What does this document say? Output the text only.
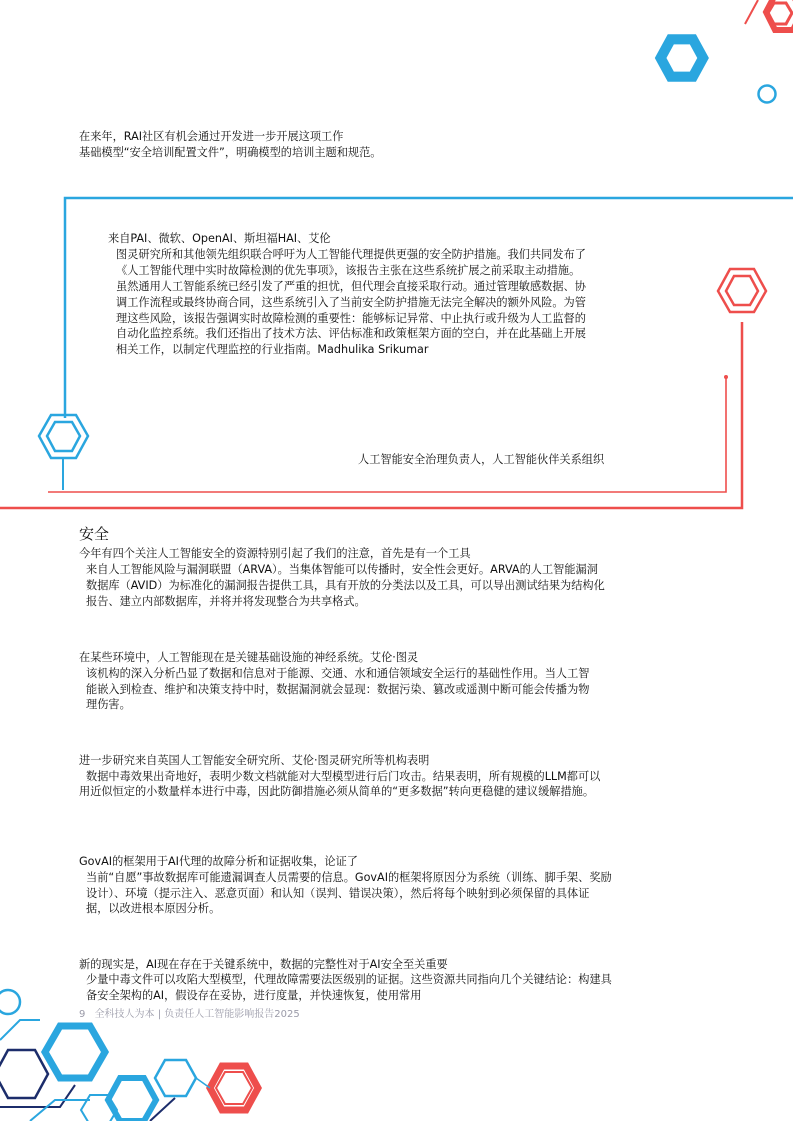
在来年，RAI社区有机会通过开发进一步开展这项工作
基础模型“安全培训配置文件”，明确模型的培训主题和规范。
来自PAI、微软、OpenAI、斯坦福HAI、艾伦
图灵研究所和其他领先组织联合呼吁为人工智能代理提供更强的安全防护措施。我们共同发布了
《人工智能代理中实时故障检测的优先事项》，该报告主张在这些系统扩展之前采取主动措施。
虽然通用人工智能系统已经引发了严重的担忧，但代理会直接采取行动。通过管理敏感数据、协
调工作流程或最终协商合同，这些系统引入了当前安全防护措施无法完全解决的额外风险。为管
理这些风险，该报告强调实时故障检测的重要性：能够标记异常、中止执行或升级为人工监督的
自动化监控系统。我们还指出了技术方法、评估标准和政策框架方面的空白，并在此基础上开展
相关工作，以制定代理监控的行业指南。Madhulika Srikumar
人工智能安全治理负责人，人工智能伙伴关系组织
安全
今年有四个关注人工智能安全的资源特别引起了我们的注意，首先是有一个工具
来自人工智能风险与漏洞联盟（ARVA）。当集体智能可以传播时，安全性会更好。ARVA的人工智能漏洞
数据库（AVID）为标准化的漏洞报告提供工具，具有开放的分类法以及工具，可以导出测试结果为结构化
报告、建立内部数据库，并将并将发现整合为共享格式。
在某些环境中，人工智能现在是关键基础设施的神经系统。艾伦·图灵
该机构的深入分析凸显了数据和信息对于能源、交通、水和通信领域安全运行的基础性作用。当人工智
能嵌入到检查、维护和决策支持中时，数据漏洞就会显现：数据污染、篡改或遥测中断可能会传播为物
理伤害。
进一步研究来自英国人工智能安全研究所、艾伦·图灵研究所等机构表明
数据中毒效果出奇地好，表明少数文档就能对大型模型进行后门攻击。结果表明，所有规模的LLM都可以
用近似恒定的小数量样本进行中毒，因此防御措施必须从简单的“更多数据”转向更稳健的建议缓解措施。
GovAI的框架用于AI代理的故障分析和证据收集，论证了
当前“自愿”事故数据库可能遗漏调查人员需要的信息。GovAI的框架将原因分为系统（训练、脚手架、奖励
设计）、环境（提示注入、恶意页面）和认知（误判、错误决策），然后将每个映射到必须保留的具体证
据，以改进根本原因分析。
新的现实是，AI现在存在于关键系统中，数据的完整性对于AI安全至关重要
少量中毒文件可以攻陷大型模型，代理故障需要法医级别的证据。这些资源共同指向几个关键结论：构建具
备安全架构的AI，假设存在妥协，进行度量，并快速恢复，使用常用
9 全科技人为本 | 负责任人工智能影响报告2025
